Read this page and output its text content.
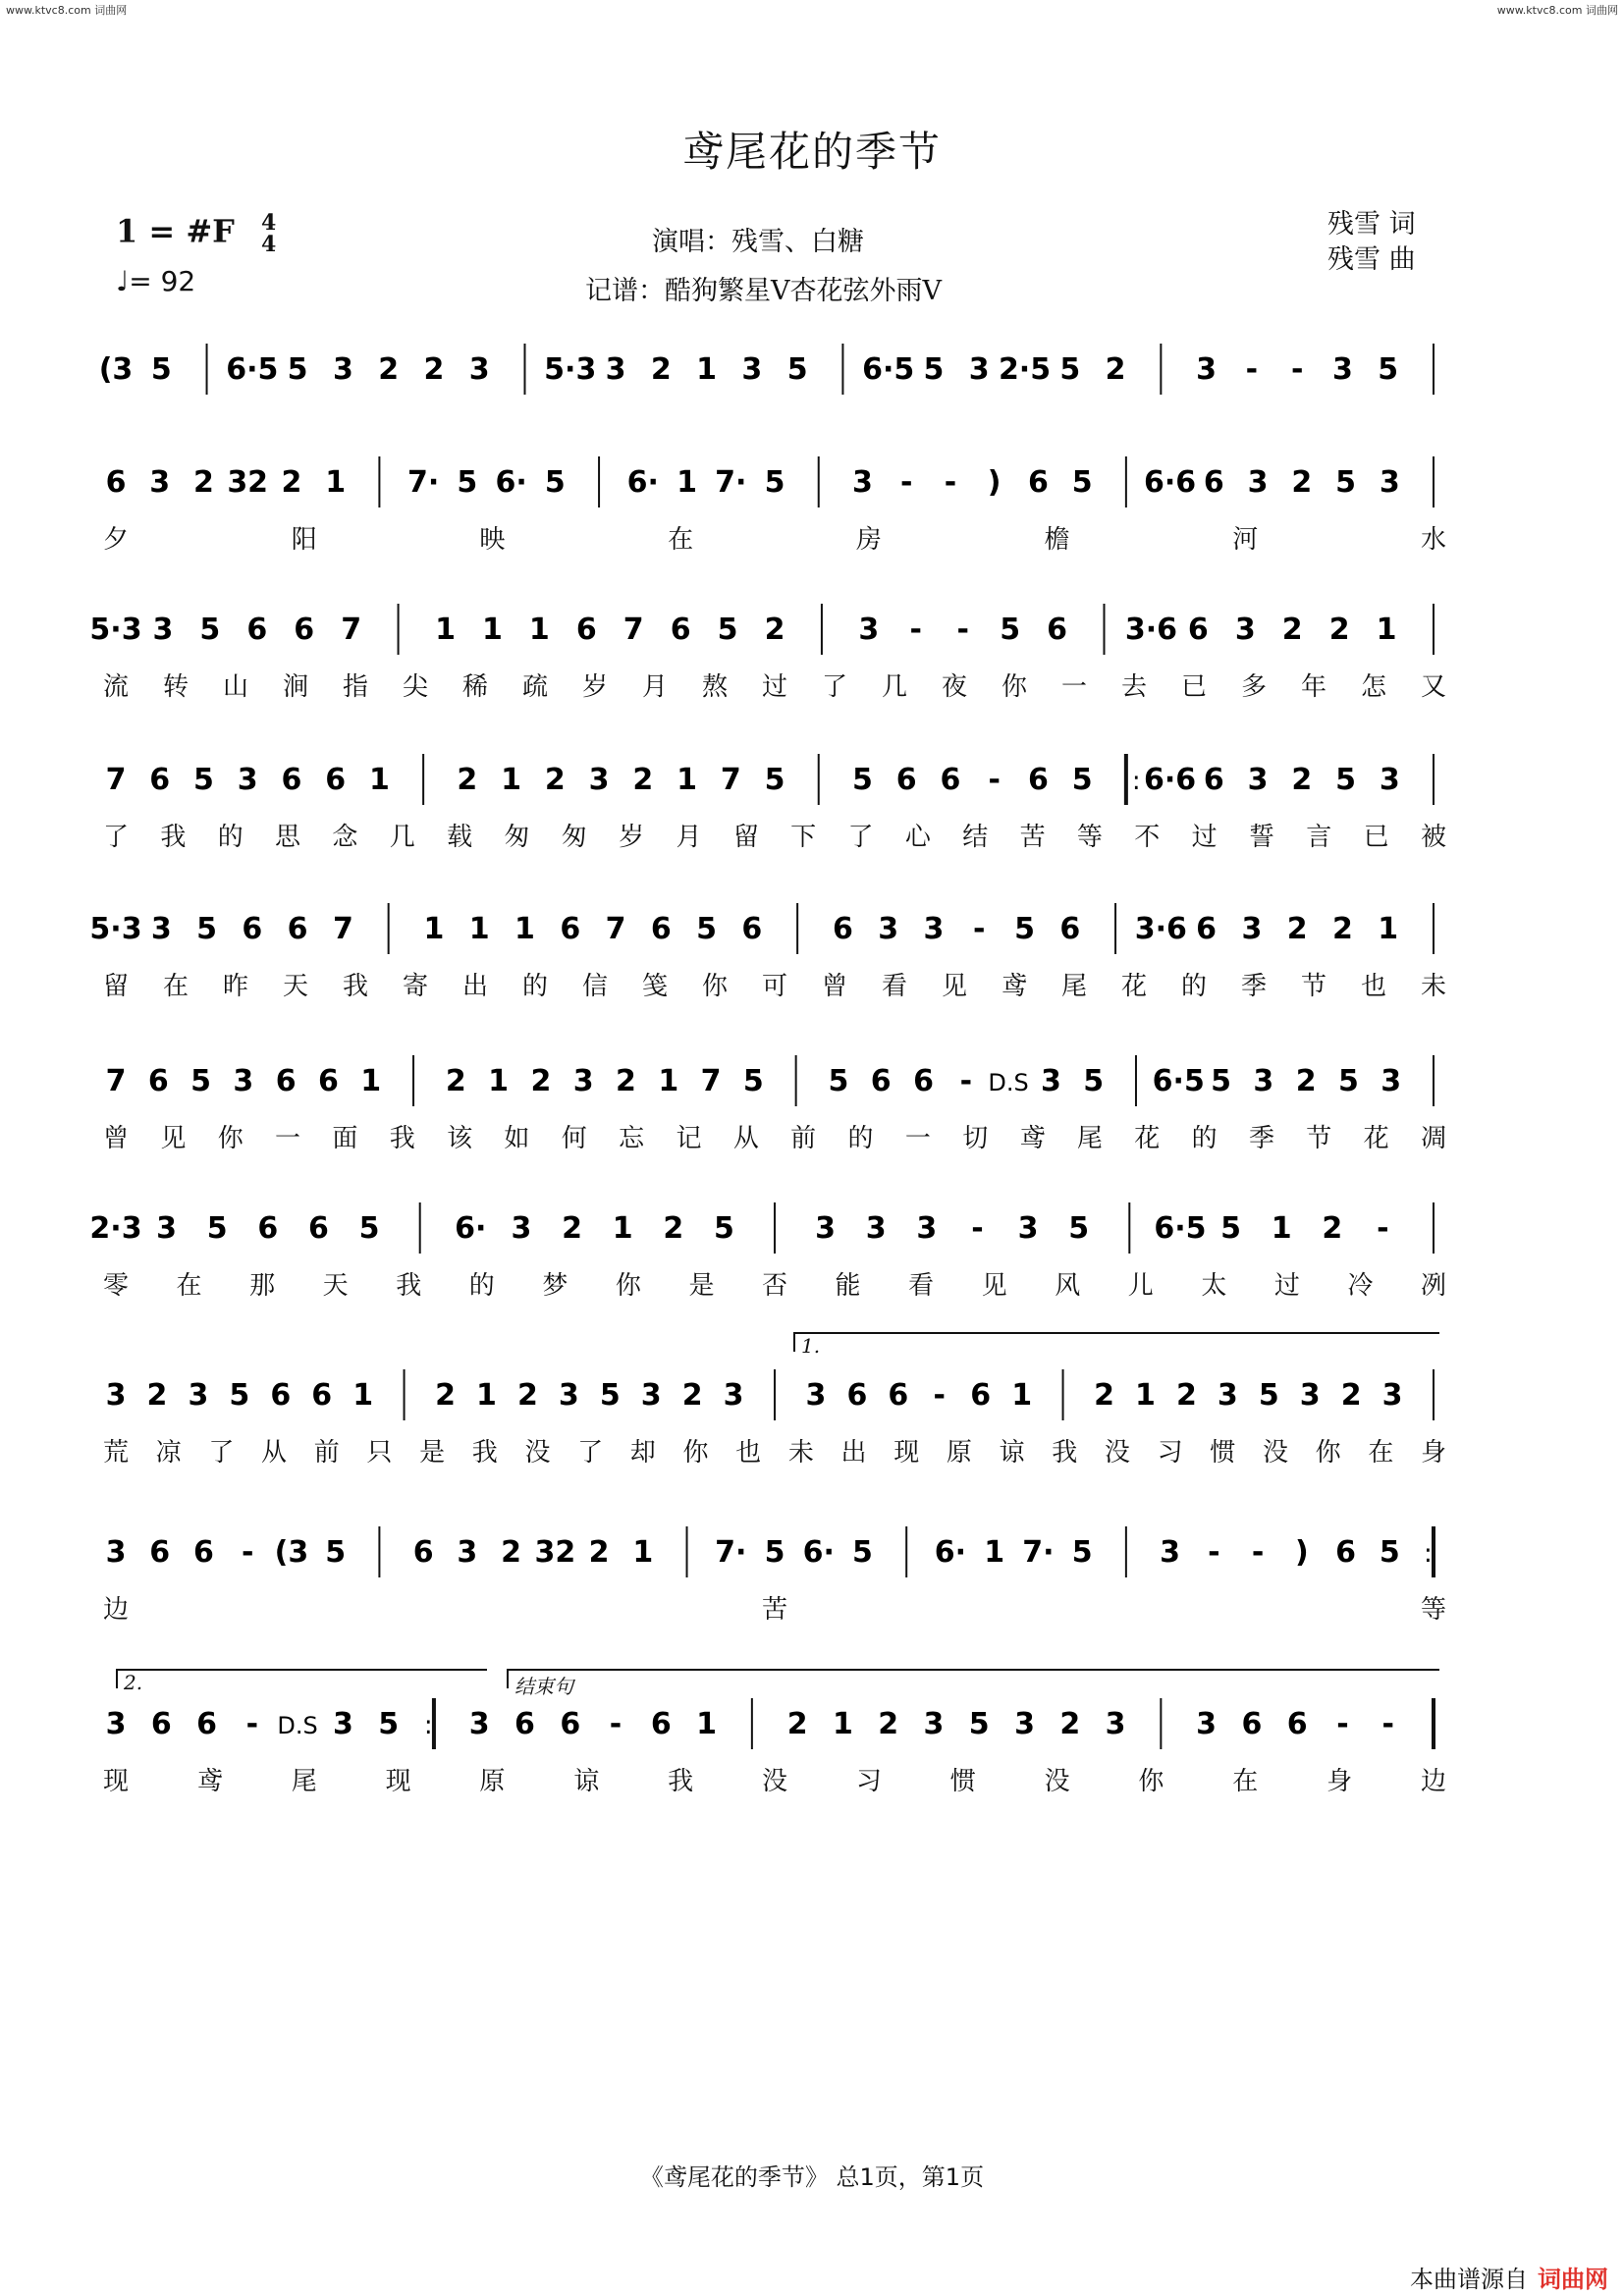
www.ktvc8.com 词曲网	www.ktvc8.com 词曲网
鸢尾花的季节
1 = #F 4
4
♩= 92
演唱：残雪、白糖
记谱：酷狗繁星V杏花弦外雨V
残雪 词
残雪 曲
(3 5 6·5 5 3 2 2 3 5·3 3 2 1 3 5 6·5 5 3 2·5 5 2 3 - - 3 5
6 3 2 32 2 1 7· 5 6· 5 6· 1 7· 5 3 - - ) 6 5 6·6 6 3 2 5 3
夕	阳	映	在	房	檐	河	水
5·3 3 5 6 6 7 1 1 1 6 7 6 5 2 3 - - 5 6 3·6 6 3 2 2 1
流 转 山 涧 指 尖 稀 疏 岁 月 熬 过 了 几 夜 你 一 去 已 多 年 怎 又
7 6 5 3 6 6 1 2 1 2 3 2 1 7 5 5 6 6 - 6 5 : 6·6 6 3 2 5 3
了 我 的 思 念 几 载 匆 匆 岁 月 留 下 了 心 结 苦 等 不 过 誓 言 已 被
5·3 3 5 6 6 7 1 1 1 6 7 6 5 6 6 3 3 - 5 6 3·6 6 3 2 2 1
留 在 昨 天 我 寄 出 的 信 笺 你 可 曾 看 见 鸢 尾 花 的 季 节 也 未
7 6 5 3 6 6 1 2 1 2 3 2 1 7 5 5 6 6 - D.S 3 5 6·5 5 3 2 5 3
曾 见 你 一 面 我 该 如 何 忘 记 从 前 的 一 切 鸢 尾 花 的 季 节 花 凋
2·3 3 5 6 6 5	6· 3 2 1 2 5	3 3 3 - 3 5 6·5 5 1 2 -
零 在 那 天 我 的 梦 你 是 否 能 看 见 风 儿 太 过 冷 冽
3 2 3 5 6 6 1 2 1 2 3 5 3 2 3 3 6 6 - 6 1 2 1 2 3 5 3 2 3
荒 凉 了 从 前 只 是 我 没 了 却 你 也 未 出 现 原 谅 我 没 习 惯 没 你 在 身
3 6 6 - (3 5 6 3 2 32 2 1 7· 5 6· 5 6· 1 7· 5 3 - - ) 6 5 :
边	苦	等
3 6 6 - D.S 3 5 : 3 6 6 - 6 1 2 1 2 3 5 3 2 3 3 6 6 - -
现	鸢	尾	现	原	谅	我	没	习	惯	没	你	在	身	边
1.
2.	结束句
《鸢尾花的季节》 总1页，第1页
本曲谱源自 词曲网
